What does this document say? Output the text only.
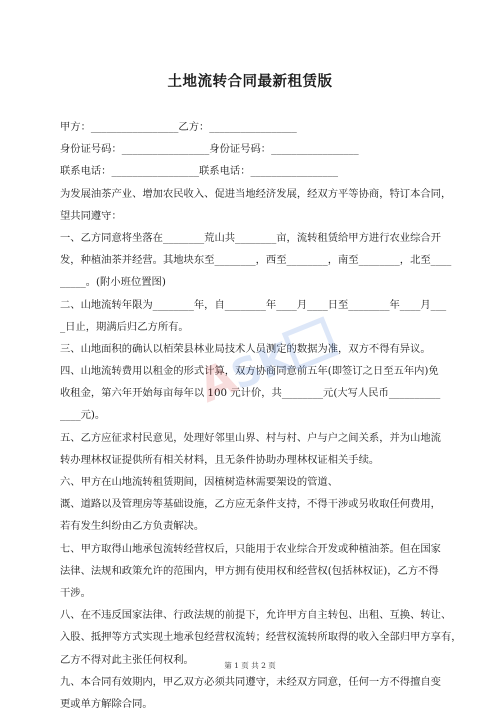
土地流转合同最新租赁版
甲方：_________________乙方：_________________
身份证号码：_________________身份证号码：_________________
联系电话：_________________联系电话：_________________
为发展油茶产业、增加农民收入、促进当地经济发展，经双方平等协商，特订本合同，
望共同遵守：
一、乙方同意将坐落在________荒山共________亩，流转租赁给甲方进行农业综合开
发，种植油茶并经营。其地块东至________，西至________，南至________，北至____
_____。(附小班位置图)
二、山地流转年限为________年，自________年____月____日至________年____月___
_日止，期满后归乙方所有。
三、山地面积的确认以栢荣县林业局技术人员测定的数据为准，双方不得有异议。
四、山地流转费用以租金的形式计算，双方协商同意前五年(即签订之日至五年内)免
收租金，第六年开始每亩每年以 100 元计价，共________元(大写人民币__________
____元)。
五、乙方应征求村民意见，处理好邻里山界、村与村、户与户之间关系，并为山地流
转办理林权证提供所有相关材料，且无条件协助办理林权证相关手续。
六、甲方在山地流转租赁期间，因植树造林需要架设的管道、
溉、道路以及管理房等基础设施，乙方应无条件支持，不得干涉或另收取任何费用，
若有发生纠纷由乙方负责解决。
七、甲方取得山地承包流转经营权后，只能用于农业综合开发或种植油茶。但在国家
法律、法规和政策允许的范围内，甲方拥有使用权和经营权(包括林权证)，乙方不得
干涉。
八、在不违反国家法律、行政法规的前提下，允许甲方自主转包、出租、互换、转让、
入股、抵押等方式实现土地承包经营权流转；经营权流转所取得的收入全部归甲方享有，
乙方不得对此主张任何权利。
九、本合同有效期内，甲乙双方必须共同遵守，未经双方同意，任何一方不得擅自变
更或单方解除合同。
A
SK
第 1 页 共 2 页
